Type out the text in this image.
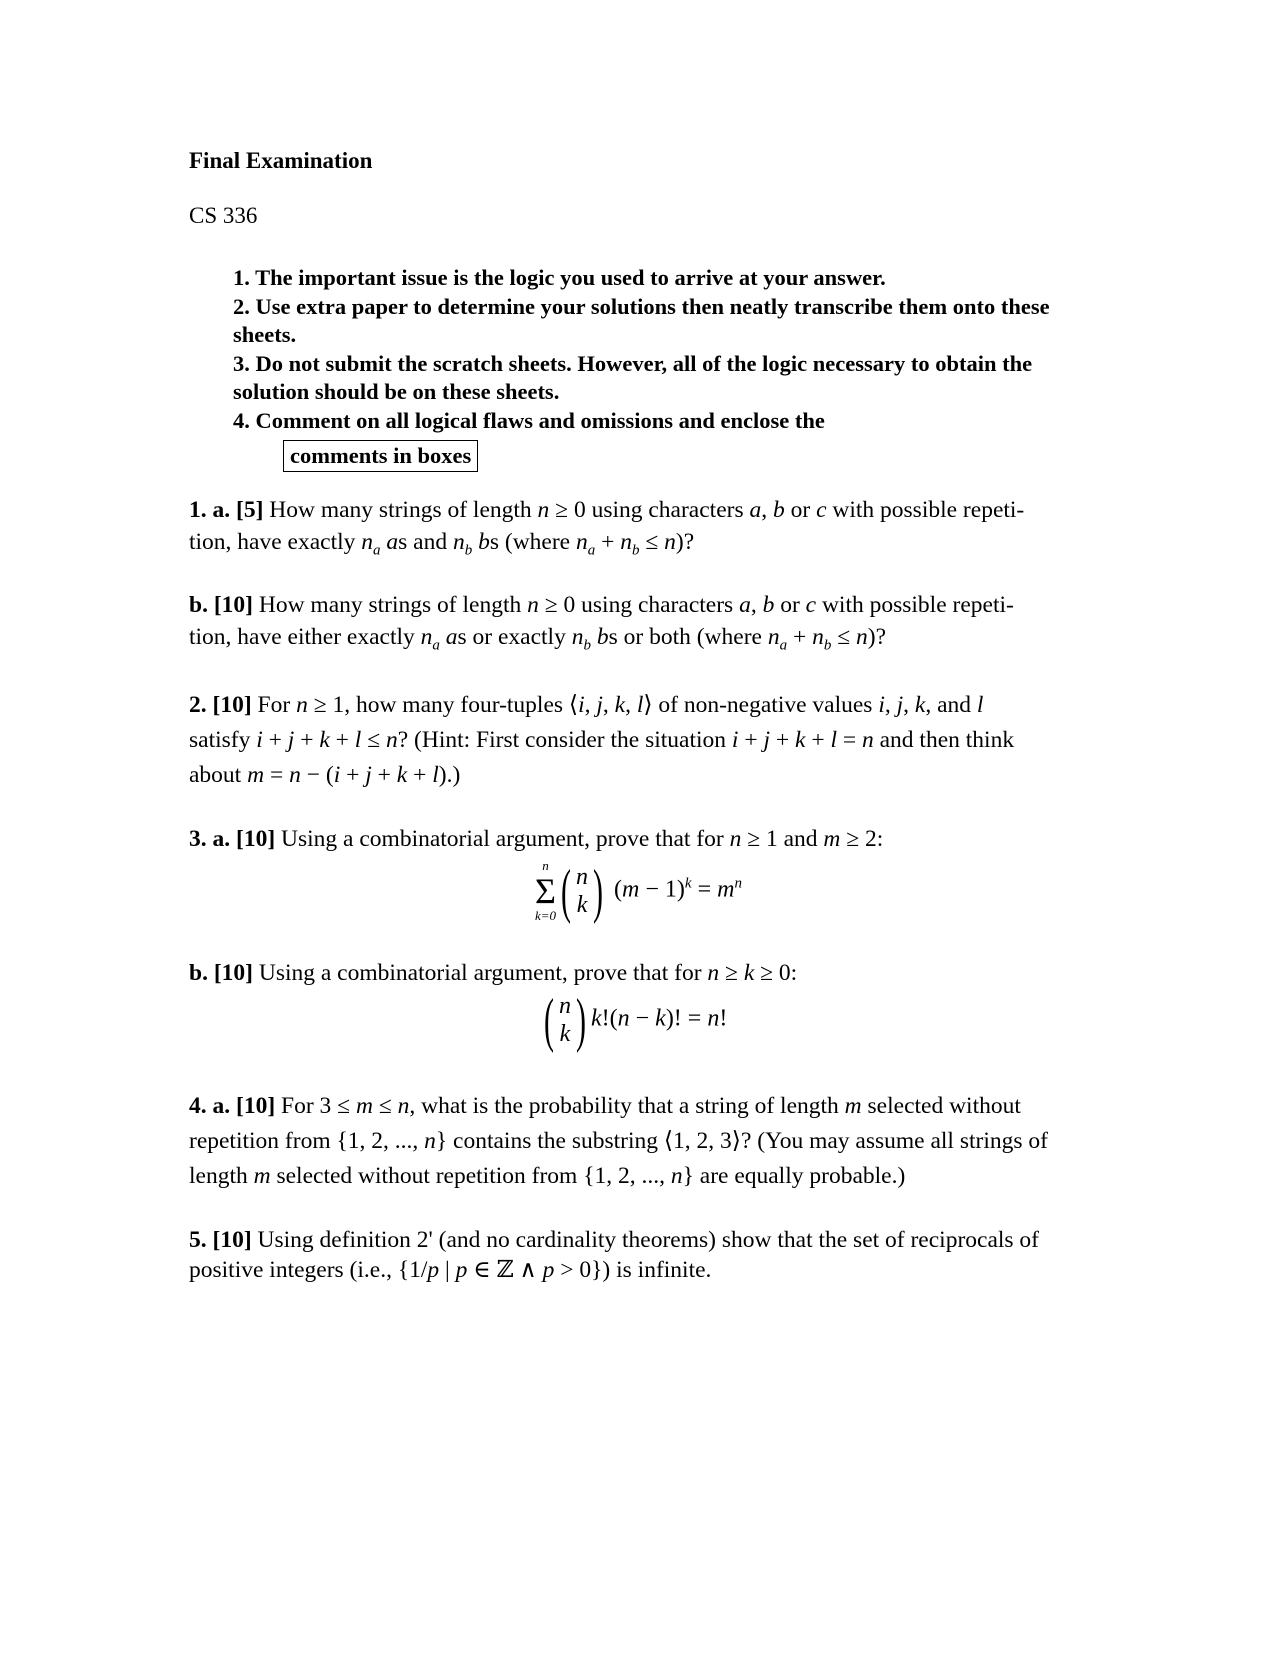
Final Examination
CS 336
1. The important issue is the logic you used to arrive at your answer.
2. Use extra paper to determine your solutions then neatly transcribe them onto these sheets.
3. Do not submit the scratch sheets. However, all of the logic necessary to obtain the solution should be on these sheets.
4. Comment on all logical flaws and omissions and enclose the
comments in boxes
1. a. [5] How many strings of length n ≥ 0 using characters a, b or c with possible repeti-
tion, have exactly $n_a$ as and $n_b$ bs (where $n_a + n_b \le n$)?
b. [10] How many strings of length n ≥ 0 using characters a, b or c with possible repeti-
tion, have either exactly $n_a$ as or exactly $n_b$ bs or both (where $n_a + n_b \le n$)?
2. [10] For n ≥ 1, how many four-tuples ⟨i, j, k, l⟩ of non-negative values i, j, k, and l
satisfy i + j + k + l ≤ n? (Hint: First consider the situation i + j + k + l = n and then think
about m = n − (i + j + k + l).)
3. a. [10] Using a combinatorial argument, prove that for n ≥ 1 and m ≥ 2:
n
Σ
k=0 ( n
k ) $(m - 1)^k = m^n$
b. [10] Using a combinatorial argument, prove that for n ≥ k ≥ 0:
( n
k ) k!(n − k)! = n!
4. a. [10] For 3 ≤ m ≤ n, what is the probability that a string of length m selected without
repetition from {1, 2, ..., n} contains the substring ⟨1, 2, 3⟩? (You may assume all strings of
length m selected without repetition from {1, 2, ..., n} are equally probable.)
5. [10] Using definition 2' (and no cardinality theorems) show that the set of reciprocals of
positive integers (i.e., {1/p | p ∈ ℤ ∧ p > 0}) is infinite.
